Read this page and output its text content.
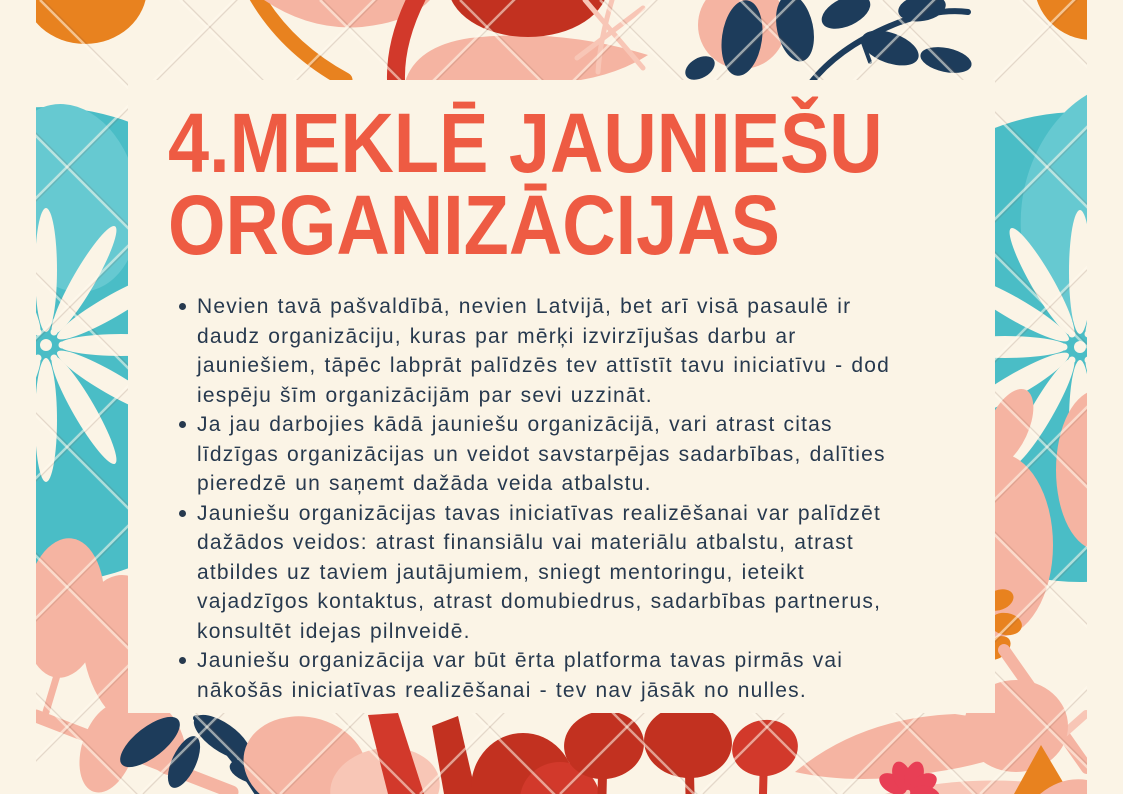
4.MEKLĒ JAUNIEŠU
ORGANIZĀCIJAS
Nevien tavā pašvaldībā, nevien Latvijā, bet arī visā pasaulē ir daudz organizāciju, kuras par mērķi izvirzījušas darbu ar jauniešiem, tāpēc labprāt palīdzēs tev attīstīt tavu iniciatīvu - dod iespēju šīm organizācijām par sevi uzzināt.
Ja jau darbojies kādā jauniešu organizācijā, vari atrast citas līdzīgas organizācijas un veidot savstarpējas sadarbības, dalīties pieredzē un saņemt dažāda veida atbalstu.
Jauniešu organizācijas tavas iniciatīvas realizēšanai var palīdzēt dažādos veidos: atrast finansiālu vai materiālu atbalstu, atrast atbildes uz taviem jautājumiem, sniegt mentoringu, ieteikt vajadzīgos kontaktus, atrast domubiedrus, sadarbības partnerus, konsultēt idejas pilnveidē.
Jauniešu organizācija var būt ērta platforma tavas pirmās vai nākošās iniciatīvas realizēšanai - tev nav jāsāk no nulles.
